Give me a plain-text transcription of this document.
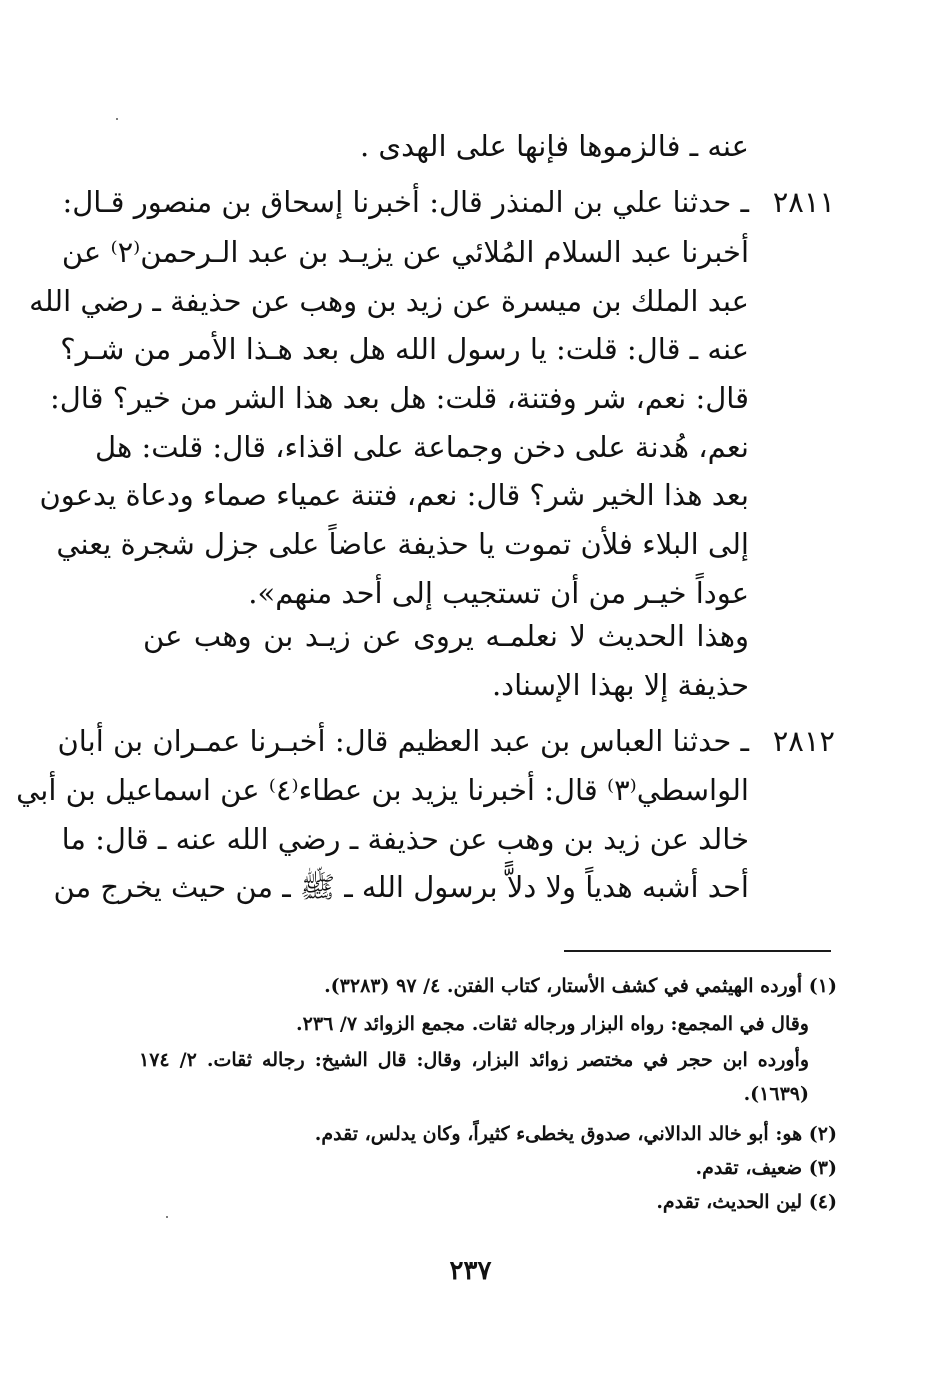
عنه ـ فالزموها فإنها على الهدى .
٢٨١١
ـ حدثنا علي بن المنذر قال: أخبرنا إسحاق بن منصور قـال:
أخبرنا عبد السلام المُلائي عن يزيـد بن عبد الـرحمن⁽٢⁾ عن
عبد الملك بن ميسرة عن زيد بن وهب عن حذيفة ـ رضي الله
عنه ـ قال: قلت: يا رسول الله هل بعد هـذا الأمر من شـر؟
قال: نعم، شر وفتنة، قلت: هل بعد هذا الشر من خير؟ قال:
نعم، هُدنة على دخن وجماعة على اقذاء، قال: قلت: هل
بعد هذا الخير شر؟ قال: نعم، فتنة عمياء صماء ودعاة يدعون
إلى البلاء فلأن تموت يا حذيفة عاضاً على جزل شجرة يعني
عوداً خيـر من أن تستجيب إلى أحد منهم».
وهذا الحديث لا نعلمـه يروى عن زيـد بن وهب عن
حذيفة إلا بهذا الإسناد.
٢٨١٢
ـ حدثنا العباس بن عبد العظيم قال: أخبـرنا عمـران بن أبان
الواسطي⁽٣⁾ قال: أخبرنا يزيد بن عطاء⁽٤⁾ عن اسماعيل بن أبي
خالد عن زيد بن وهب عن حذيفة ـ رضي الله عنه ـ قال: ما
أحد أشبه هدياً ولا دلاًّ برسول الله ـ ﷺ ـ من حيث يخرج من
(١) أورده الهيثمي في كشف الأستار، كتاب الفتن. ٤/ ٩٧ (٣٢٨٣).
وقال في المجمع: رواه البزار ورجاله ثقات. مجمع الزوائد ٧/ ٢٣٦.
وأورده ابن حجر في مختصر زوائد البزار، وقال: قال الشيخ: رجاله ثقات. ٢/ ١٧٤
(١٦٣٩).
(٢) هو: أبو خالد الدالاني، صدوق يخطىء كثيراً، وكان يدلس، تقدم.
(٣) ضعيف، تقدم.
(٤) لين الحديث، تقدم.
٢٣٧
